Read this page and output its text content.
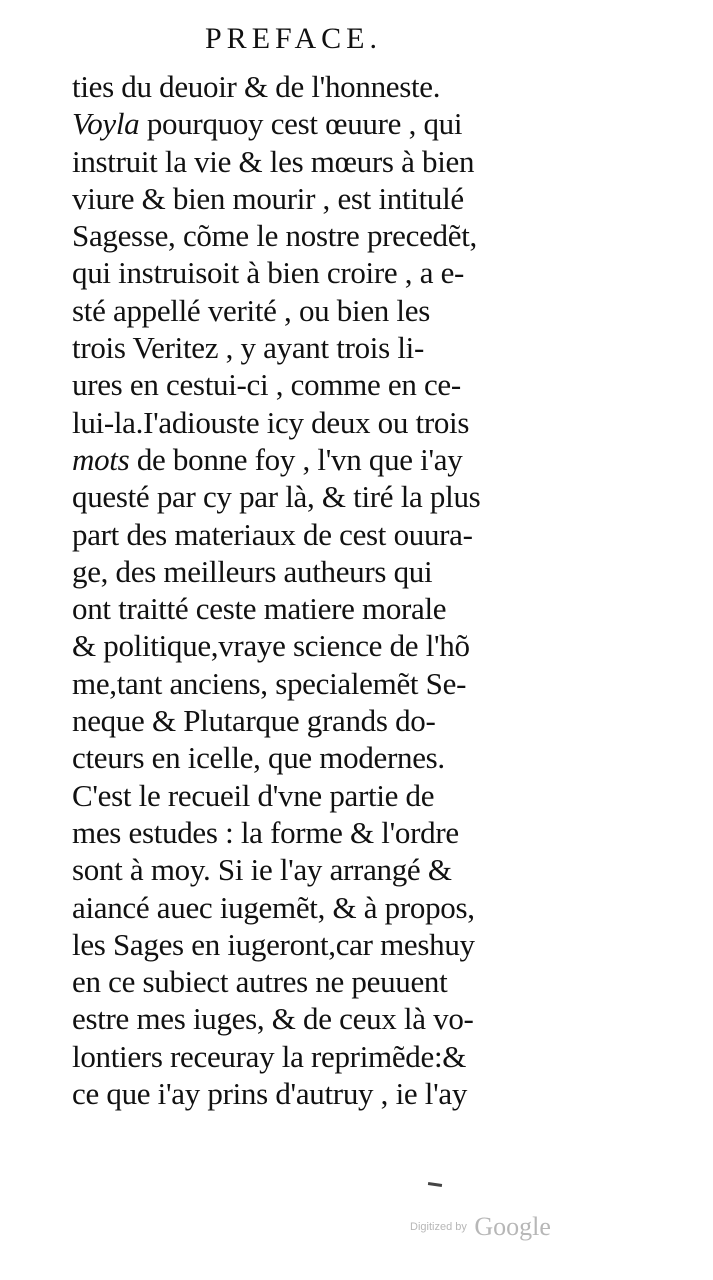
PREFACE.
ties du deuoir & de l'honneste.
Voyla pourquoy cest œuure , qui
instruit la vie & les mœurs à bien
viure & bien mourir , est intitulé
Sagesse, cõme le nostre precedẽt,
qui instruisoit à bien croire , a e-
sté appellé verité , ou bien les
trois Veritez , y ayant trois li-
ures en cestui-ci , comme en ce-
lui-la.I'adiouste icy deux ou trois
mots de bonne foy , l'vn que i'ay
questé par cy par là, & tiré la plus
part des materiaux de cest ouura-
ge, des meilleurs autheurs qui
ont traitté ceste matiere morale
& politique,vraye science de l'hõ
me,tant anciens, specialemẽt Se-
neque & Plutarque grands do-
cteurs en icelle, que modernes.
C'est le recueil d'vne partie de
mes estudes : la forme & l'ordre
sont à moy. Si ie l'ay arrangé &
aiancé auec iugemẽt, & à propos,
les Sages en iugeront,car meshuy
en ce subiect autres ne peuuent
estre mes iuges, & de ceux là vo-
lontiers receuray la reprimẽde:&
ce que i'ay prins d'autruy , ie l'ay
Digitized by Google
